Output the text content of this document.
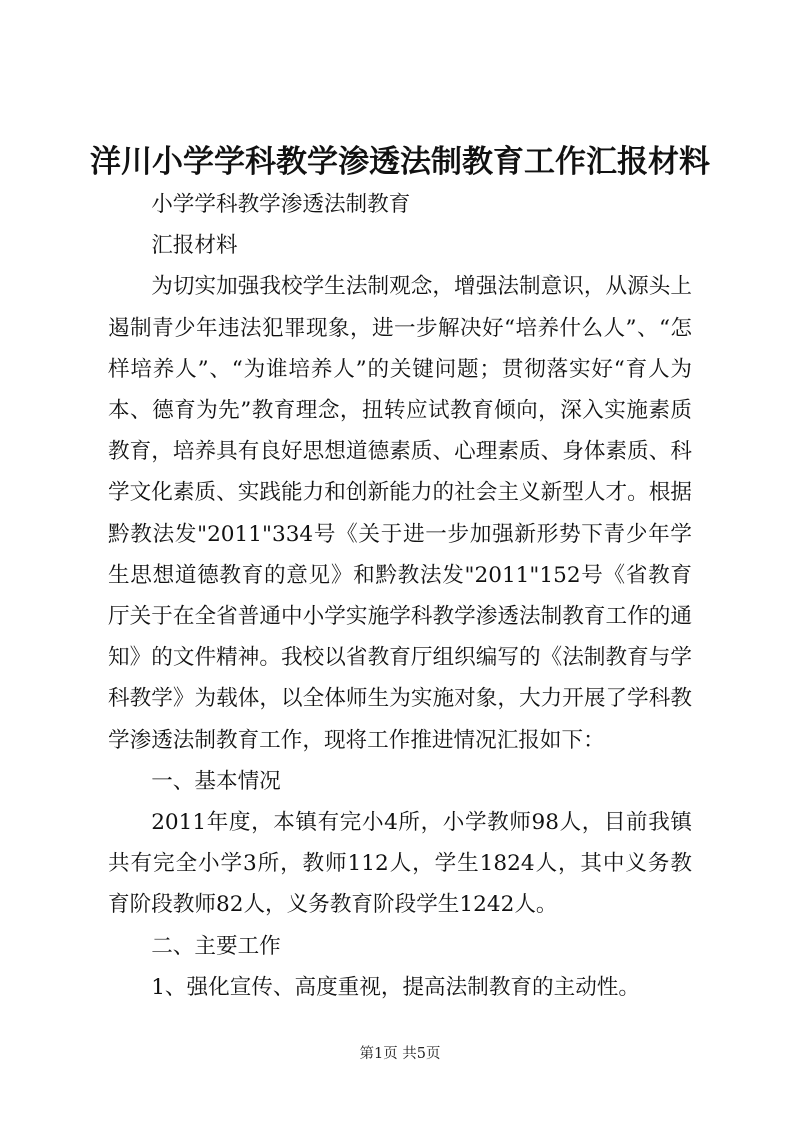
洋川小学学科教学渗透法制教育工作汇报材料

小学学科教学渗透法制教育

汇报材料

为切实加强我校学生法制观念，增强法制意识，从源头上遏制青少年违法犯罪现象，进一步解决好“培养什么人”、“怎样培养人”、“为谁培养人”的关键问题；贯彻落实好“育人为本、德育为先”教育理念，扭转应试教育倾向，深入实施素质教育，培养具有良好思想道德素质、心理素质、身体素质、科学文化素质、实践能力和创新能力的社会主义新型人才。根据黔教法发"2011"334号《关于进一步加强新形势下青少年学生思想道德教育的意见》和黔教法发"2011"152号《省教育厅关于在全省普通中小学实施学科教学渗透法制教育工作的通知》的文件精神。我校以省教育厅组织编写的《法制教育与学科教学》为载体，以全体师生为实施对象，大力开展了学科教学渗透法制教育工作，现将工作推进情况汇报如下：

一、基本情况

2011年度，本镇有完小4所，小学教师98人，目前我镇共有完全小学3所，教师112人，学生1824人，其中义务教育阶段教师82人，义务教育阶段学生1242人。

二、主要工作

1、强化宣传、高度重视，提高法制教育的主动性。

第1页 共5页
